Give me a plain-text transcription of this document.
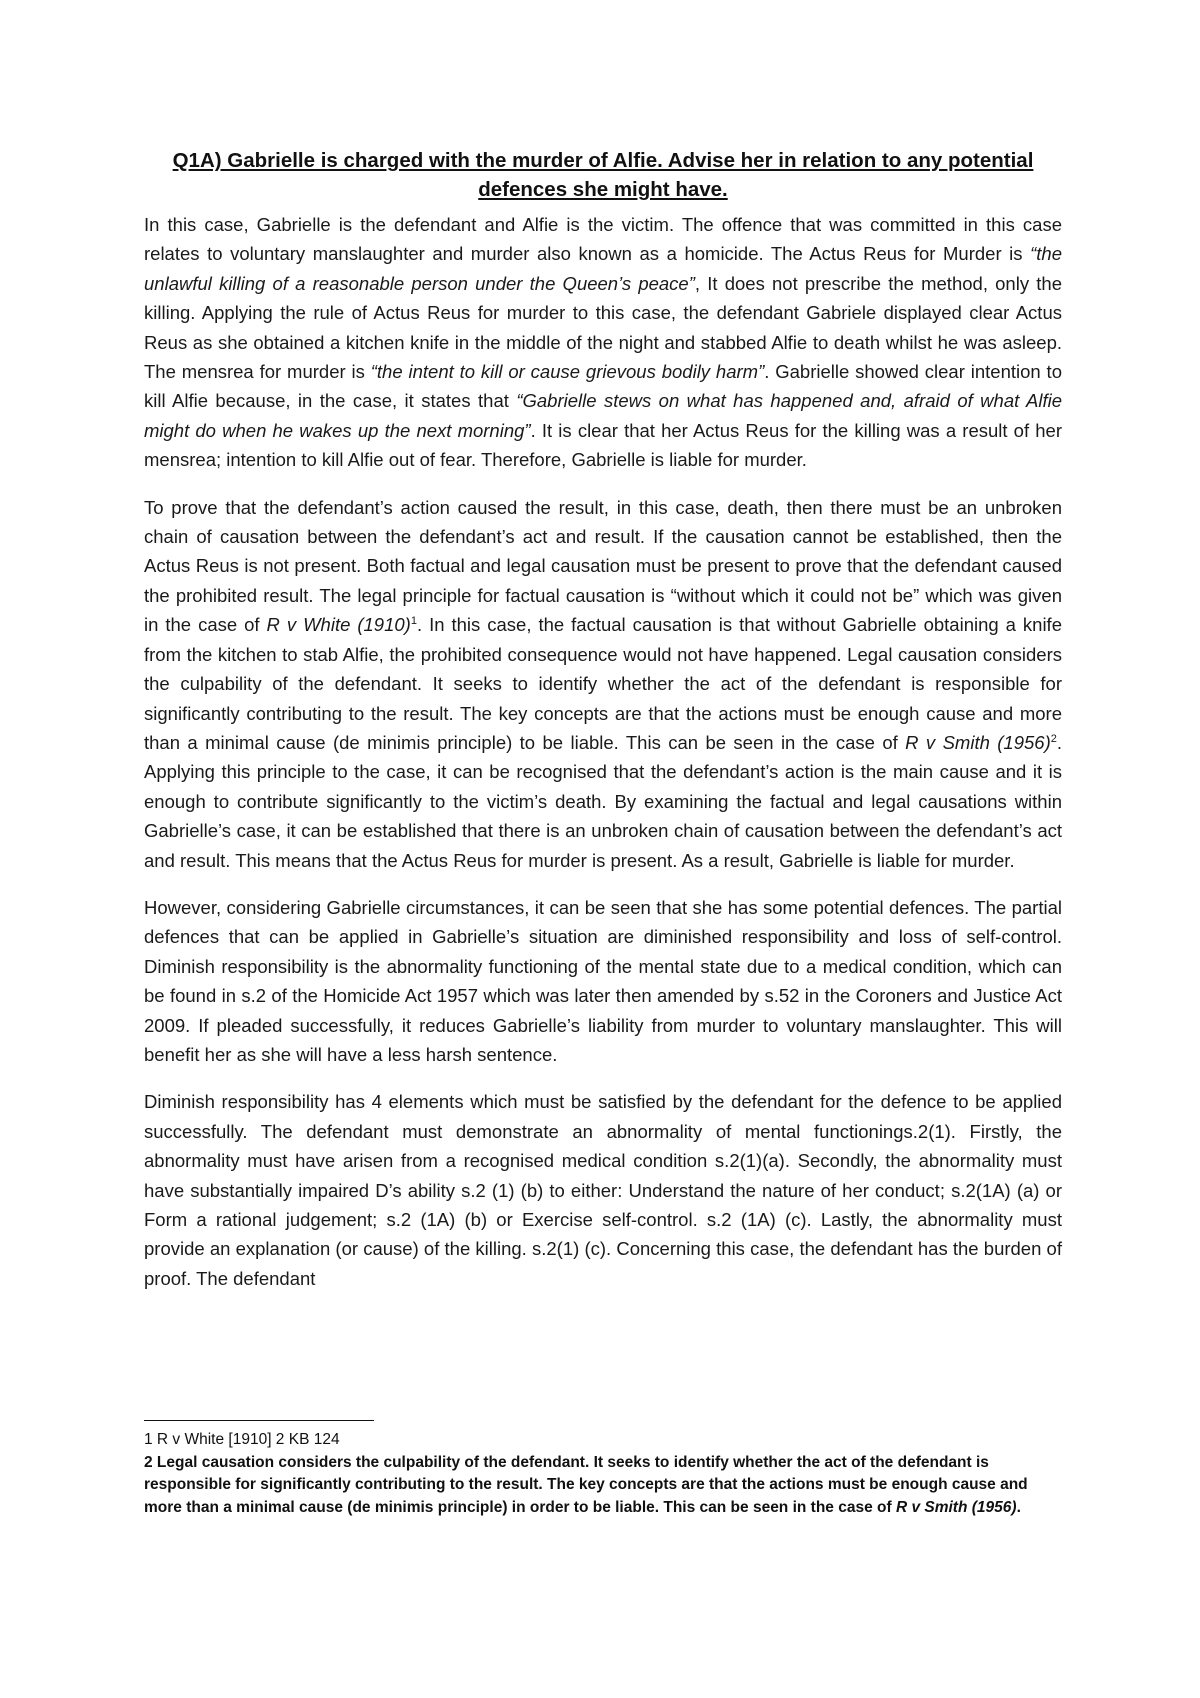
Q1A) Gabrielle is charged with the murder of Alfie. Advise her in relation to any potential defences she might have.

In this case, Gabrielle is the defendant and Alfie is the victim. The offence that was committed in this case relates to voluntary manslaughter and murder also known as a homicide. The Actus Reus for Murder is “the unlawful killing of a reasonable person under the Queen’s peace”, It does not prescribe the method, only the killing. Applying the rule of Actus Reus for murder to this case, the defendant Gabriele displayed clear Actus Reus as she obtained a kitchen knife in the middle of the night and stabbed Alfie to death whilst he was asleep. The mensrea for murder is “the intent to kill or cause grievous bodily harm”. Gabrielle showed clear intention to kill Alfie because, in the case, it states that “Gabrielle stews on what has happened and, afraid of what Alfie might do when he wakes up the next morning”. It is clear that her Actus Reus for the killing was a result of her mensrea; intention to kill Alfie out of fear. Therefore, Gabrielle is liable for murder.

To prove that the defendant’s action caused the result, in this case, death, then there must be an unbroken chain of causation between the defendant’s act and result. If the causation cannot be established, then the Actus Reus is not present. Both factual and legal causation must be present to prove that the defendant caused the prohibited result. The legal principle for factual causation is “without which it could not be” which was given in the case of R v White $(1910)^1$. In this case, the factual causation is that without Gabrielle obtaining a knife from the kitchen to stab Alfie, the prohibited consequence would not have happened. Legal causation considers the culpability of the defendant. It seeks to identify whether the act of the defendant is responsible for significantly contributing to the result. The key concepts are that the actions must be enough cause and more than a minimal cause (de minimis principle) to be liable. This can be seen in the case of R v Smith $(1956)^2$. Applying this principle to the case, it can be recognised that the defendant’s action is the main cause and it is enough to contribute significantly to the victim’s death. By examining the factual and legal causations within Gabrielle’s case, it can be established that there is an unbroken chain of causation between the defendant’s act and result. This means that the Actus Reus for murder is present. As a result, Gabrielle is liable for murder.

However, considering Gabrielle circumstances, it can be seen that she has some potential defences. The partial defences that can be applied in Gabrielle’s situation are diminished responsibility and loss of self-control. Diminish responsibility is the abnormality functioning of the mental state due to a medical condition, which can be found in s.2 of the Homicide Act 1957 which was later then amended by s.52 in the Coroners and Justice Act 2009. If pleaded successfully, it reduces Gabrielle’s liability from murder to voluntary manslaughter. This will benefit her as she will have a less harsh sentence.

Diminish responsibility has 4 elements which must be satisfied by the defendant for the defence to be applied successfully. The defendant must demonstrate an abnormality of mental functionings.2(1). Firstly, the abnormality must have arisen from a recognised medical condition s.2(1)(a). Secondly, the abnormality must have substantially impaired D’s ability s.2 (1) (b) to either: Understand the nature of her conduct; s.2(1A) (a) or Form a rational judgement; s.2 (1A) (b) or Exercise self-control. s.2 (1A) (c). Lastly, the abnormality must provide an explanation (or cause) of the killing. s.2(1) (c). Concerning this case, the defendant has the burden of proof. The defendant

1 R v White [1910] 2 KB 124

2 Legal causation considers the culpability of the defendant. It seeks to identify whether the act of the defendant is responsible for significantly contributing to the result. The key concepts are that the actions must be enough cause and more than a minimal cause (de minimis principle) in order to be liable. This can be seen in the case of R v Smith (1956).
